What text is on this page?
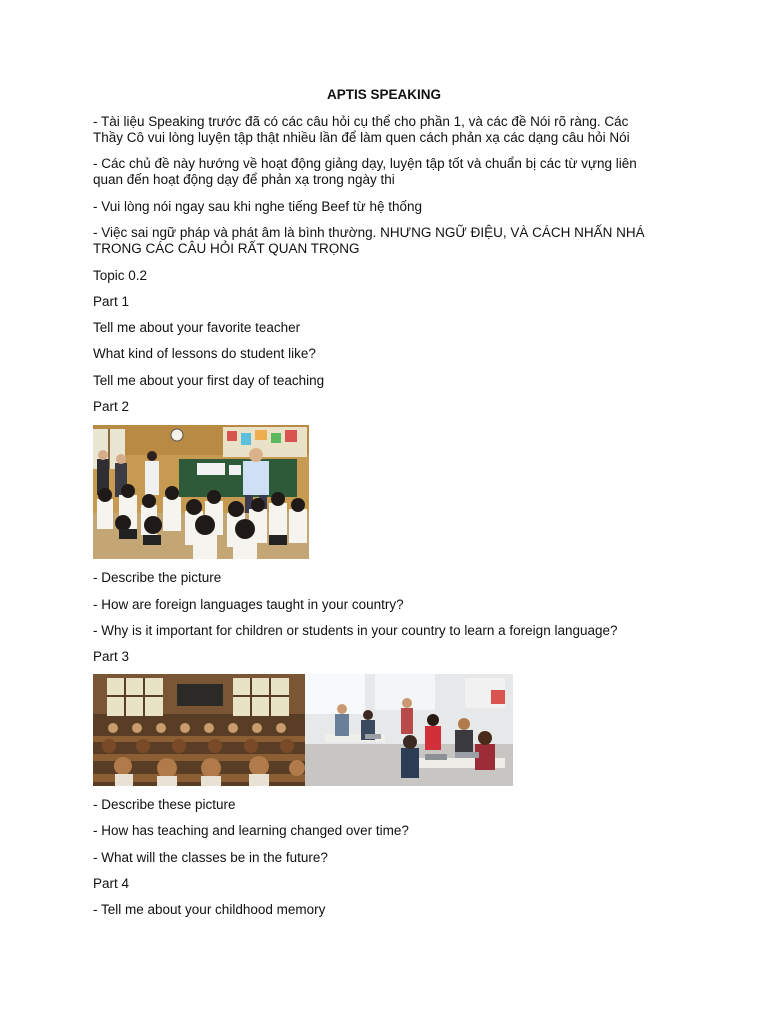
APTIS SPEAKING
- Tài liệu Speaking trước đã có các câu hỏi cụ thể cho phần 1, và các đề Nói rõ ràng. Các
Thầy Cô vui lòng luyện tập thật nhiều lần để làm quen cách phản xạ các dạng câu hỏi Nói
- Các chủ đề này hướng về hoạt động giảng dạy, luyện tập tốt và chuẩn bị các từ vựng liên
quan đến hoạt động dạy để phản xạ trong ngày thi
- Vui lòng nói ngay sau khi nghe tiếng Beef từ hệ thống
- Việc sai ngữ pháp và phát âm là bình thường. NHƯNG NGỮ ĐIỆU, VÀ CÁCH NHẤN NHÁ
TRONG CÁC CÂU HỎI RẤT QUAN TRỌNG
Topic 0.2
Part 1
Tell me about your favorite teacher
What kind of lessons do student like?
Tell me about your first day of teaching
Part 2
- Describe the picture
- How are foreign languages taught in your country?
- Why is it important for children or students in your country to learn a foreign language?
Part 3
- Describe these picture
- How has teaching and learning changed over time?
- What will the classes be in the future?
Part 4
- Tell me about your childhood memory
